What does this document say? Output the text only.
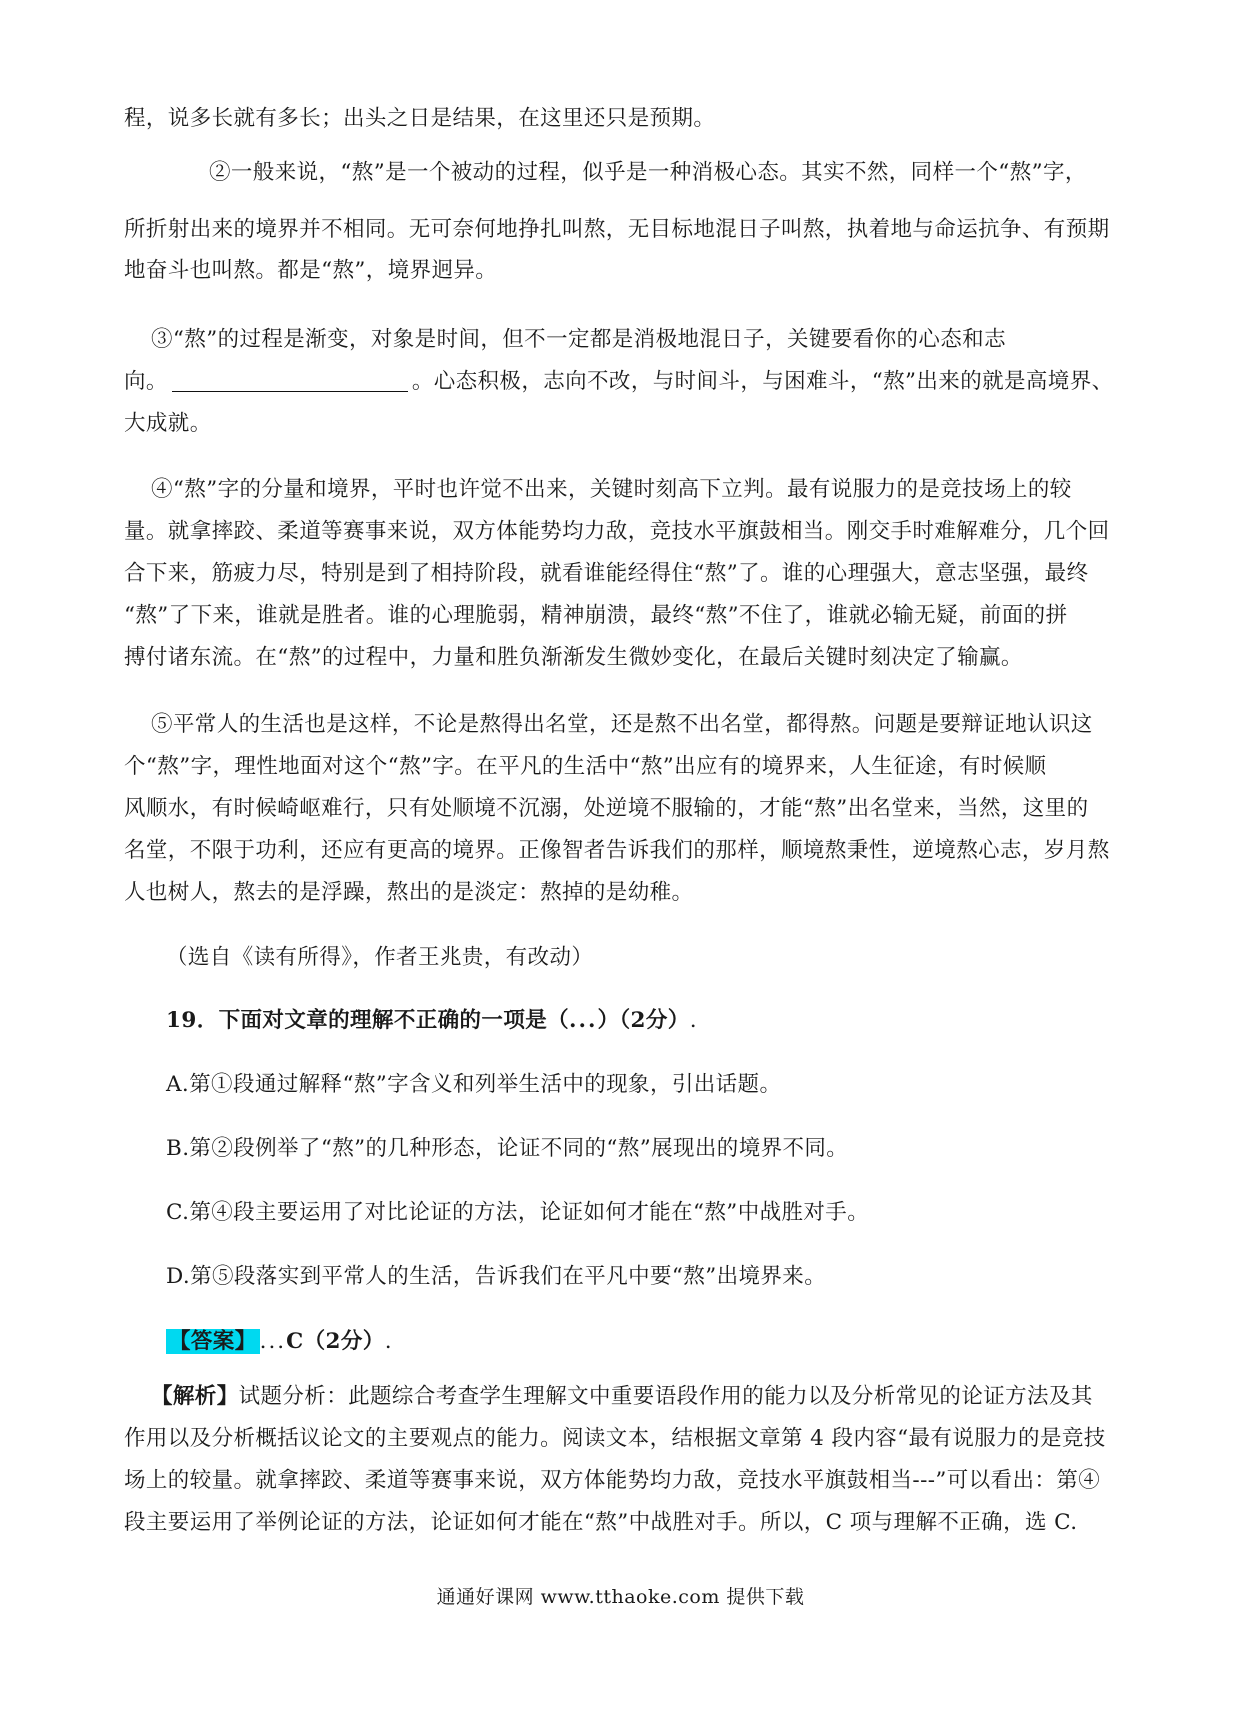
程，说多长就有多长；出头之日是结果，在这里还只是预期。
②一般来说，“熬”是一个被动的过程，似乎是一种消极心态。其实不然，同样一个“熬”字，
所折射出来的境界并不相同。无可奈何地挣扎叫熬，无目标地混日子叫熬，执着地与命运抗争、有预期
地奋斗也叫熬。都是“熬”，境界迥异。
③“熬”的过程是渐变，对象是时间，但不一定都是消极地混日子，关键要看你的心态和志
向。	。心态积极，志向不改，与时间斗，与困难斗，“熬”出来的就是高境界、
大成就。
④“熬”字的分量和境界，平时也许觉不出来，关键时刻高下立判。最有说服力的是竞技场上的较
量。就拿摔跤、柔道等赛事来说，双方体能势均力敌，竞技水平旗鼓相当。刚交手时难解难分，几个回
合下来，筋疲力尽，特别是到了相持阶段，就看谁能经得住“熬”了。谁的心理强大，意志坚强，最终
“熬”了下来，谁就是胜者。谁的心理脆弱，精神崩溃，最终“熬”不住了，谁就必输无疑，前面的拼
搏付诸东流。在“熬”的过程中，力量和胜负渐渐发生微妙变化，在最后关键时刻决定了输赢。
⑤平常人的生活也是这样，不论是熬得出名堂，还是熬不出名堂，都得熬。问题是要辩证地认识这
个“熬”字，理性地面对这个“熬”字。在平凡的生活中“熬”出应有的境界来，人生征途，有时候顺
风顺水，有时候崎岖难行，只有处顺境不沉溺，处逆境不服输的，才能“熬”出名堂来，当然，这里的
名堂，不限于功利，还应有更高的境界。正像智者告诉我们的那样，顺境熬秉性，逆境熬心志，岁月熬
人也树人，熬去的是浮躁，熬出的是淡定：熬掉的是幼稚。
（选自《读有所得》，作者王兆贵，有改动）
19．下面对文章的理解不正确的一项是（...）（2分）.
A.第①段通过解释“熬”字含义和列举生活中的现象，引出话题。
B.第②段例举了“熬”的几种形态，论证不同的“熬”展现出的境界不同。
C.第④段主要运用了对比论证的方法，论证如何才能在“熬”中战胜对手。
D.第⑤段落实到平常人的生活，告诉我们在平凡中要“熬”出境界来。
【答案】 ...C（2分）.
【解析】试题分析：此题综合考查学生理解文中重要语段作用的能力以及分析常见的论证方法及其
作用以及分析概括议论文的主要观点的能力。阅读文本，结根据文章第 4 段内容“最有说服力的是竞技
场上的较量。就拿摔跤、柔道等赛事来说，双方体能势均力敌，竞技水平旗鼓相当---”可以看出：第④
段主要运用了举例论证的方法，论证如何才能在“熬”中战胜对手。所以，C 项与理解不正确，选 C.
通通好课网 www.tthaoke.com 提供下载
